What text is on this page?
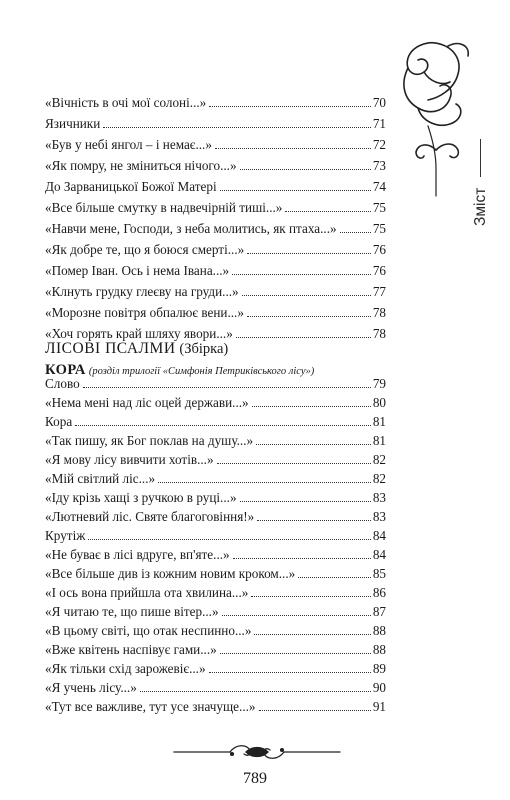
Зміст
«Вічність в очі мої солоні...»	70
Язичники	71
«Був у небі янгол – і немає...»	72
«Як помру, не зміниться нічого...»	73
До Зарваницької Божої Матері	74
«Все більше смутку в надвечірній тиші...»	75
«Навчи мене, Господи, з неба молитись, як птаха...»	75
«Як добре те, що я боюся смерті...»	76
«Помер Іван. Ось і нема Івана...»	76
«Клнуть грудку глеєву на груди...»	77
«Морозне повітря обпалює вени...»	78
«Хоч горять край шляху явори...»	78
ЛІСОВІ ПСАЛМИ (Збірка)
КОРА (розділ трилогії «Симфонія Петриківського лісу»)
Слово	79
«Нема мені над ліс оцей держави...»	80
Кора	81
«Так пишу, як Бог поклав на душу...»	81
«Я мову лісу вивчити хотів...»	82
«Мій світлий ліс...»	82
«Іду крізь хащі з ручкою в руці...»	83
«Лютневий ліс. Святе благоговіння!»	83
Крутіж	84
«Не буває в лісі вдруге, вп'яте...»	84
«Все більше див із кожним новим кроком...»	85
«І ось вона прийшла ота хвилина...»	86
«Я читаю те, що пише вітер...»	87
«В цьому світі, що отак неспинно...»	88
«Вже квітень наспівує гами...»	88
«Як тільки схід зарожевіє...»	89
«Я учень лісу...»	90
«Тут все важливе, тут усе значуще...»	91
789
